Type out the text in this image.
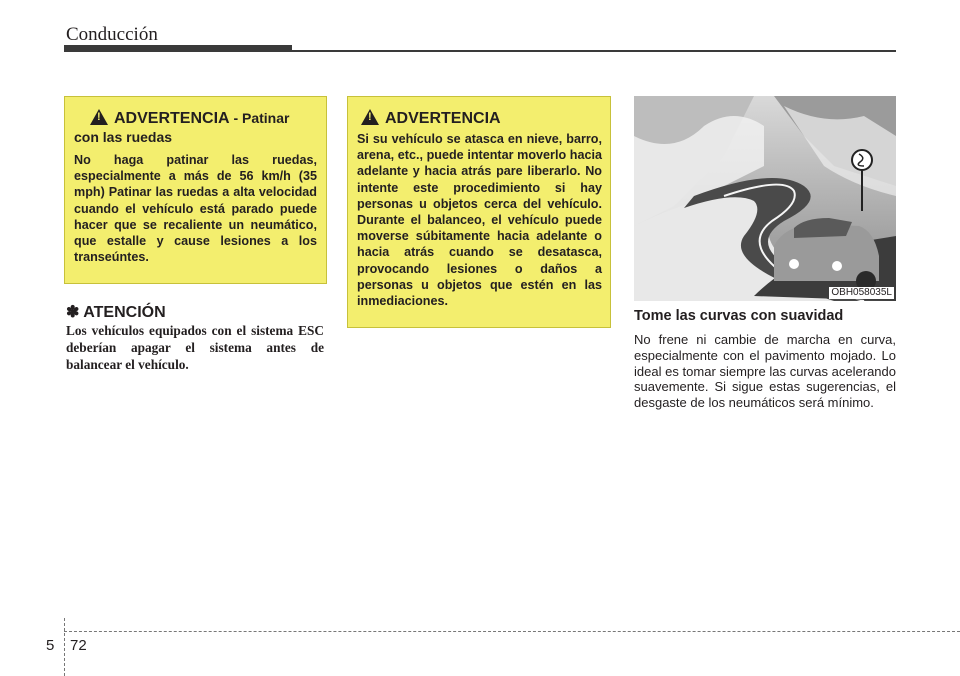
Conducción
! ADVERTENCIA - Patinar
con las ruedas
No haga patinar las ruedas, especialmente a más de 56 km/h (35 mph) Patinar las ruedas a alta velocidad cuando el vehículo está parado puede hacer que se recaliente un neumático, que estalle y cause lesiones a los transeúntes.
✽ ATENCIÓN
Los vehículos equipados con el sistema ESC deberían apagar el sistema antes de balancear el vehículo.
! ADVERTENCIA
Si su vehículo se atasca en nieve, barro, arena, etc., puede intentar moverlo hacia adelante y hacia atrás pare liberarlo. No intente este procedimiento si hay personas u objetos cerca del vehículo. Durante el balanceo, el vehículo puede moverse súbitamente hacia adelante o hacia atrás cuando se desatasca, provocando lesiones o daños a personas u objetos que estén en las inmediaciones.
OBH058035L
Tome las curvas con suavidad
No frene ni cambie de marcha en curva, especialmente con el pavimento mojado. Lo ideal es tomar siempre las curvas acelerando suavemente. Si sigue estas sugerencias, el desgaste de los neumáticos será mínimo.
5 72
